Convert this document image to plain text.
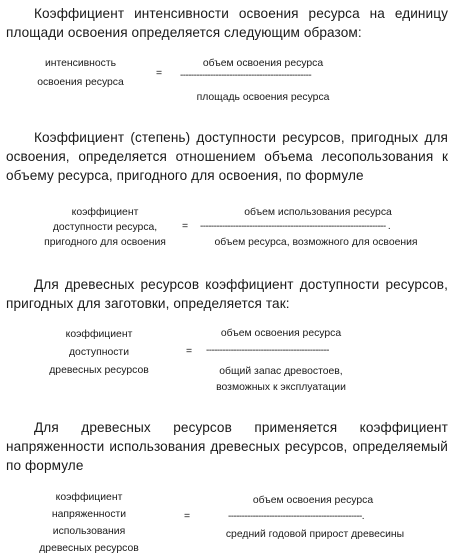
Коэффициент интенсивности освоения ресурса на единицу площади освоения определяется следующим образом:
интенсивность
освоения ресурса
=
объем освоения ресурса
------------------------------------------------
площадь освоения ресурса
Коэффициент (степень) доступности ресурсов, пригодных для освоения, определяется отношением объема лесопользования к объему ресурса, пригодного для освоения, по формуле
коэффициент
доступности ресурса,
пригодного для освоения
=
объем использования ресурса
-------------------------------------------------------------------- .
объем ресурса, возможного для освоения
Для древесных ресурсов коэффициент доступности ресурсов, пригодных для заготовки, определяется так:
коэффициент
доступности
древесных ресурсов
=
объем освоения ресурса
---------------------------------------------
общий запас древостоев,
возможных к эксплуатации
Для древесных ресурсов применяется коэффициент напряженности использования древесных ресурсов, определяемый по формуле
коэффициент
напряженности
использования
древесных ресурсов
=
объем освоения ресурса
-------------------------------------------------.
средний годовой прирост древесины
